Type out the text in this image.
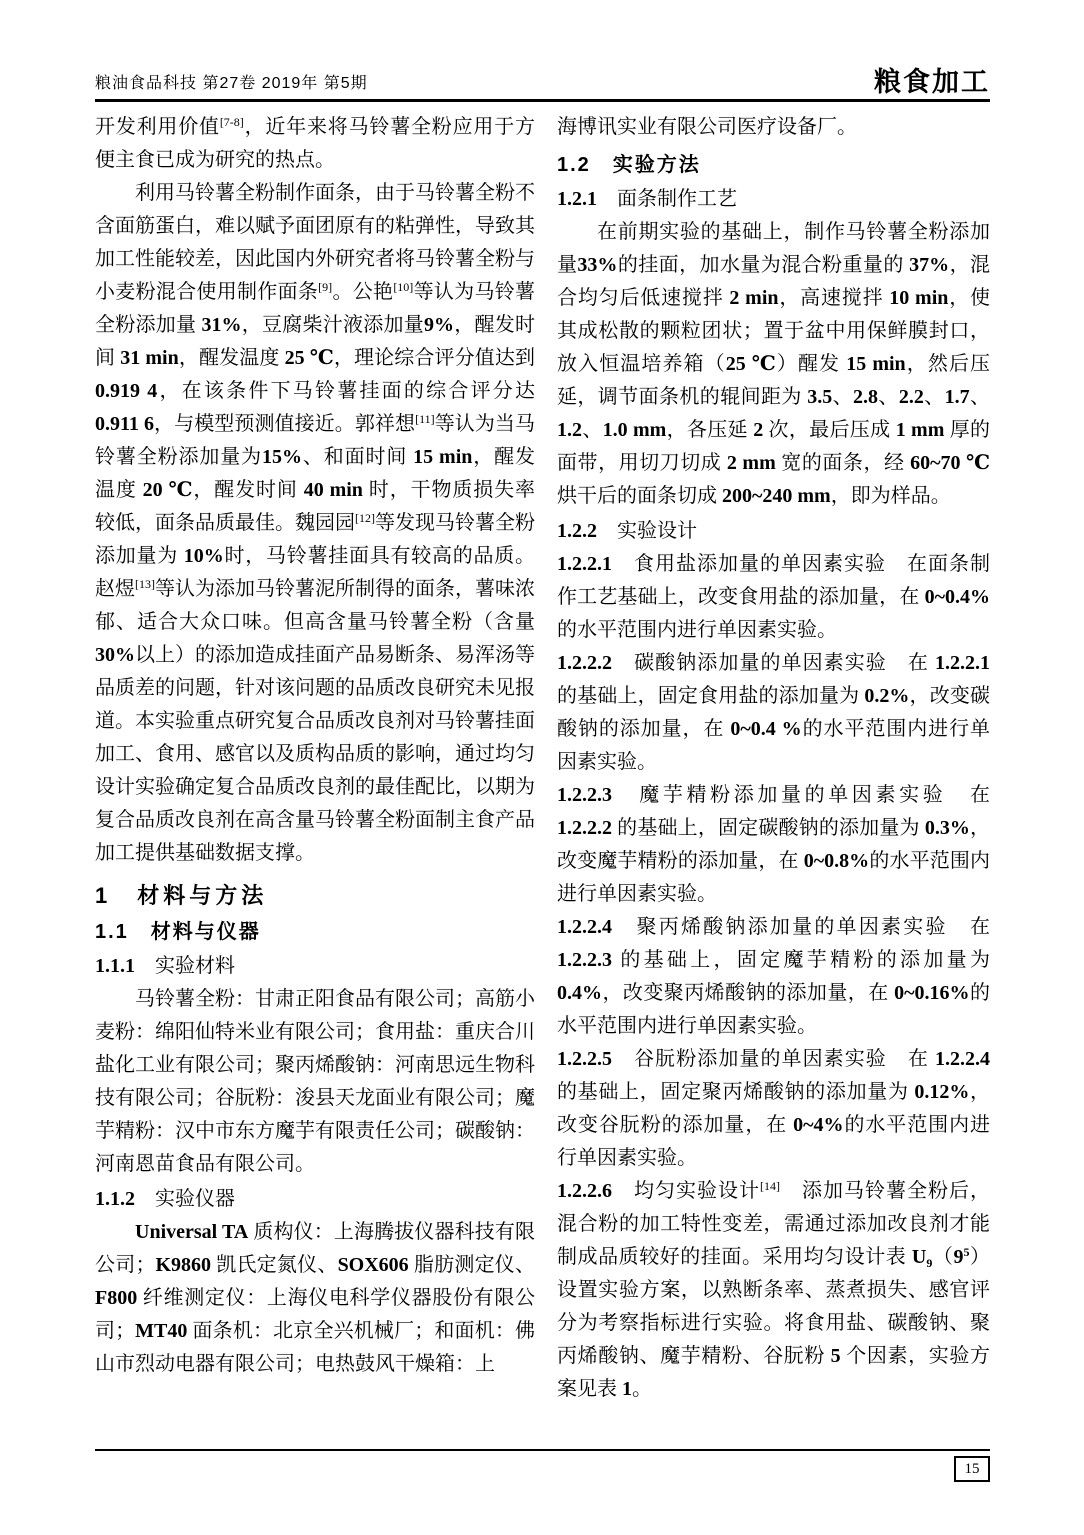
粮油食品科技 第27卷 2019年 第5期	粮食加工

开发利用价值[7-8]，近年来将马铃薯全粉应用于方便主食已成为研究的热点。

利用马铃薯全粉制作面条，由于马铃薯全粉不含面筋蛋白，难以赋予面团原有的粘弹性，导致其加工性能较差，因此国内外研究者将马铃薯全粉与小麦粉混合使用制作面条[9]。公艳[10]等认为马铃薯全粉添加量 31%，豆腐柴汁液添加量9%，醒发时间 31 min，醒发温度 25 ℃，理论综合评分值达到 0.919 4，在该条件下马铃薯挂面的综合评分达 0.911 6，与模型预测值接近。郭祥想[11]等认为当马铃薯全粉添加量为15%、和面时间 15 min，醒发温度 20 ℃，醒发时间 40 min 时，干物质损失率较低，面条品质最佳。魏园园[12]等发现马铃薯全粉添加量为 10%时，马铃薯挂面具有较高的品质。赵煜[13]等认为添加马铃薯泥所制得的面条，薯味浓郁、适合大众口味。但高含量马铃薯全粉（含量 30%以上）的添加造成挂面产品易断条、易浑汤等品质差的问题，针对该问题的品质改良研究未见报道。本实验重点研究复合品质改良剂对马铃薯挂面加工、食用、感官以及质构品质的影响，通过均匀设计实验确定复合品质改良剂的最佳配比，以期为复合品质改良剂在高含量马铃薯全粉面制主食产品加工提供基础数据支撑。

1　材料与方法
1.1　材料与仪器
1.1.1　实验材料

马铃薯全粉：甘肃正阳食品有限公司；高筋小麦粉：绵阳仙特米业有限公司；食用盐：重庆合川盐化工业有限公司；聚丙烯酸钠：河南思远生物科技有限公司；谷朊粉：浚县天龙面业有限公司；魔芋精粉：汉中市东方魔芋有限责任公司；碳酸钠：河南恩苗食品有限公司。

1.1.2　实验仪器

Universal TA 质构仪：上海腾拔仪器科技有限公司；K9860 凯氏定氮仪、SOX606 脂肪测定仪、F800 纤维测定仪：上海仪电科学仪器股份有限公司；MT40 面条机：北京全兴机械厂；和面机：佛山市烈动电器有限公司；电热鼓风干燥箱：上

海博讯实业有限公司医疗设备厂。

1.2　实验方法
1.2.1　面条制作工艺

在前期实验的基础上，制作马铃薯全粉添加量33%的挂面，加水量为混合粉重量的 37%，混合均匀后低速搅拌 2 min，高速搅拌 10 min，使其成松散的颗粒团状；置于盆中用保鲜膜封口，放入恒温培养箱（25 ℃）醒发 15 min，然后压延，调节面条机的辊间距为 3.5、2.8、2.2、1.7、1.2、1.0 mm，各压延 2 次，最后压成 1 mm 厚的面带，用切刀切成 2 mm 宽的面条，经 60~70 ℃烘干后的面条切成 200~240 mm，即为样品。

1.2.2　实验设计

1.2.2.1　食用盐添加量的单因素实验　在面条制作工艺基础上，改变食用盐的添加量，在 0~0.4%的水平范围内进行单因素实验。

1.2.2.2　碳酸钠添加量的单因素实验　在 1.2.2.1 的基础上，固定食用盐的添加量为 0.2%，改变碳酸钠的添加量，在 0~0.4 %的水平范围内进行单因素实验。

1.2.2.3　魔芋精粉添加量的单因素实验　在 1.2.2.2 的基础上，固定碳酸钠的添加量为 0.3%，改变魔芋精粉的添加量，在 0~0.8%的水平范围内进行单因素实验。

1.2.2.4　聚丙烯酸钠添加量的单因素实验　在 1.2.2.3 的基础上，固定魔芋精粉的添加量为 0.4%，改变聚丙烯酸钠的添加量，在 0~0.16%的水平范围内进行单因素实验。

1.2.2.5　谷朊粉添加量的单因素实验　在 1.2.2.4 的基础上，固定聚丙烯酸钠的添加量为 0.12%，改变谷朊粉的添加量，在 0~4%的水平范围内进行单因素实验。

1.2.2.6　均匀实验设计[14]　添加马铃薯全粉后，混合粉的加工特性变差，需通过添加改良剂才能制成品质较好的挂面。采用均匀设计表 $U_9(9^5)$设置实验方案，以熟断条率、蒸煮损失、感官评分为考察指标进行实验。将食用盐、碳酸钠、聚丙烯酸钠、魔芋精粉、谷朊粉 5 个因素，实验方案见表 1。

15
